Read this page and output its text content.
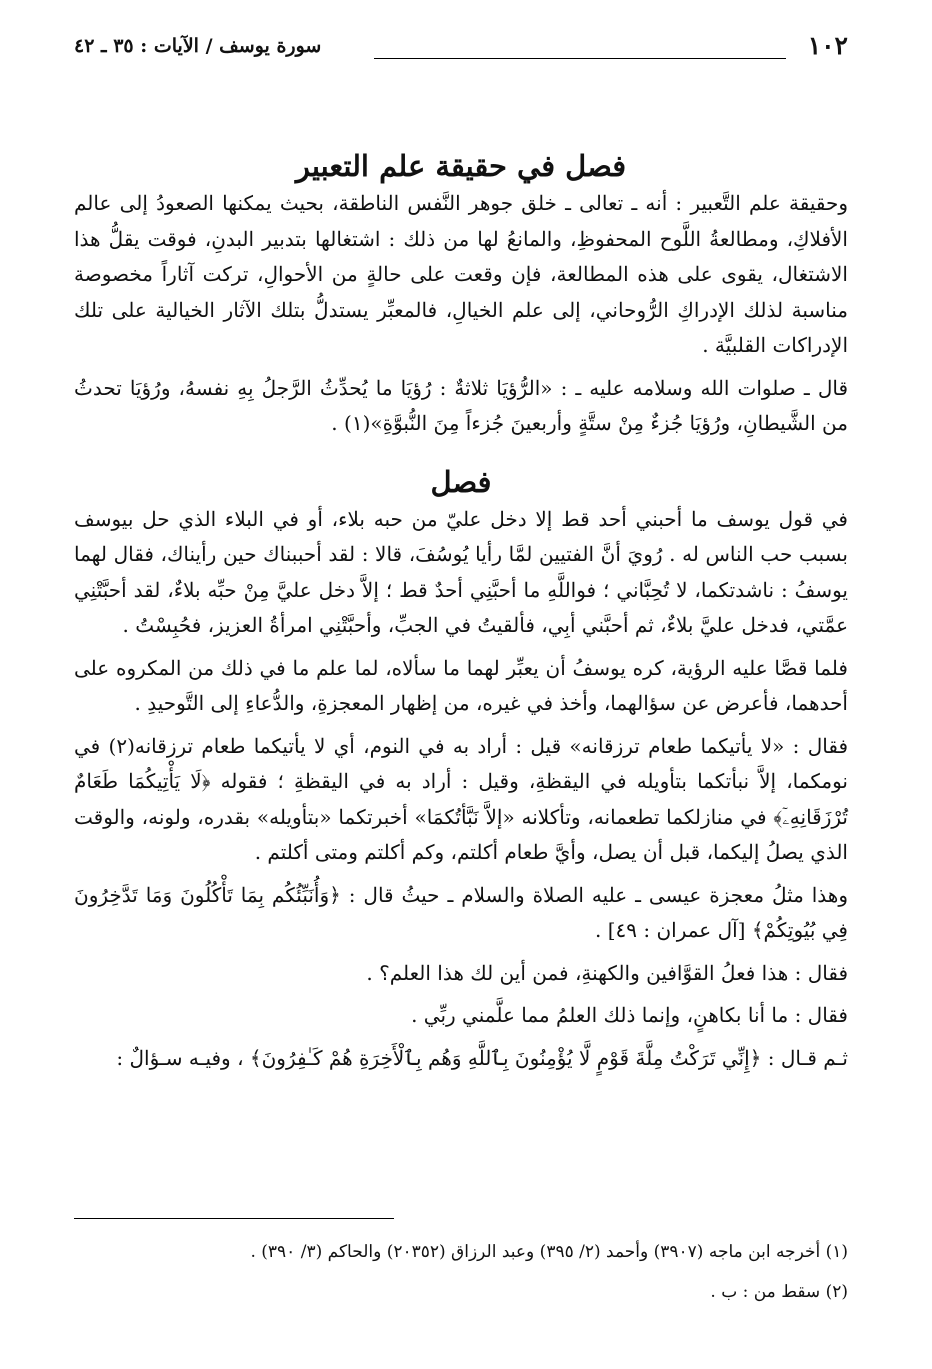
١٠٢
سورة يوسف / الآيات : ٣٥ ـ ٤٢
فصل في حقيقة علم التعبير

وحقيقة علم التَّعبير : أنه ـ تعالى ـ خلق جوهر النَّفس الناطقة، بحيث يمكنها الصعودُ إلى عالم الأفلاكِ، ومطالعةُ اللَّوح المحفوظِ، والمانعُ لها من ذلك : اشتغالها بتدبير البدنِ، فوقت يقلُّ هذا الاشتغال، يقوى على هذه المطالعة، فإن وقعت على حالةٍ من الأحوالِ، تركت آثاراً مخصوصة مناسبة لذلك الإدراكِ الرُّوحاني، إلى علم الخيالِ، فالمعبِّر يستدلُّ بتلك الآثار الخيالية على تلك الإدراكات القلبيَّة .

قال ـ صلوات الله وسلامه عليه ـ : «الرُّؤيَا ثلاثةٌ : رُؤيَا ما يُحدِّثُ الرَّجلُ بِهِ نفسهُ، ورُؤيَا تحدثُ من الشَّيطانِ، ورُؤيَا جُزءٌ مِنْ ستَّةٍ وأربعينَ جُزءاً مِنَ النُّبوَّةِ»(١) .

فصل

في قول يوسف ما أحبني أحد قط إلا دخل عليّ من حبه بلاء، أو في البلاء الذي حل بيوسف بسبب حب الناس له . رُويَ أنَّ الفتيين لمَّا رأيا يُوسُفَ، قالا : لقد أحببناك حين رأيناك، فقال لهما يوسفُ : ناشدتكما، لا تُحِبَّاني ؛ فواللَّهِ ما أحبَّنِي أحدٌ قط ؛ إلاَّ دخل عليَّ مِنْ حبِّه بلاءٌ، لقد أحبَّتْنِي عمَّتي، فدخل عليَّ بلاءٌ، ثم أحبَّني أبِي، فألقيتُ في الجبِّ، وأحبَّتْنِي امرأةُ العزيز، فحُبِسْتُ .

فلما قصَّا عليه الرؤية، كره يوسفُ أن يعبِّر لهما ما سألاه، لما علم ما في ذلك من المكروه على أحدهما، فأعرض عن سؤالهما، وأخذ في غيره، من إظهار المعجزةِ، والدُّعاءِ إلى التَّوحيدِ .

فقال : «لا يأتيكما طعام ترزقانه» قيل : أراد به في النوم، أي لا يأتيكما طعام ترزقانه(٢) في نومكما، إلاَّ نبأتكما بتأويله في اليقظةِ، وقيل : أراد به في اليقظةِ ؛ فقوله ﴿لَا يَأْتِيكُمَا طَعَامٌ تُرْزَقَانِهِۦٓ﴾ في منازلكما تطعمانه، وتأكلانه «إلاَّ نَبَّأتُكمَا» أخبرتكما «بتأويله» بقدره، ولونه، والوقت الذي يصلُ إليكما، قبل أن يصل، وأيَّ طعام أكلتم، وكم أكلتم ومتى أكلتم .

وهذا مثلُ معجزة عيسى ـ عليه الصلاة والسلام ـ حيثُ قال : ﴿وَأُنَبِّئُكُم بِمَا تَأْكُلُونَ وَمَا تَدَّخِرُونَ فِي بُيُوتِكُمْ﴾ [آل عمران : ٤٩] .

فقال : هذا فعلُ القوَّافين والكهنةِ، فمن أين لك هذا العلم؟ .

فقال : ما أنا بكاهنٍ، وإنما ذلك العلمُ مما علَّمني ربِّي .

ثـم قـال : ﴿إِنِّي تَرَكْتُ مِلَّةَ قَوْمٍ لَّا يُؤْمِنُونَ بِٱللَّهِ وَهُم بِٱلْأَخِرَةِ هُمْ كَـٰفِرُونَ﴾ ، وفيـه سـؤالٌ :

(١) أخرجه ابن ماجه (٣٩٠٧) وأحمد (٢/ ٣٩٥) وعبد الرزاق (٢٠٣٥٢) والحاكم (٣/ ٣٩٠) .

(٢) سقط من : ب .
